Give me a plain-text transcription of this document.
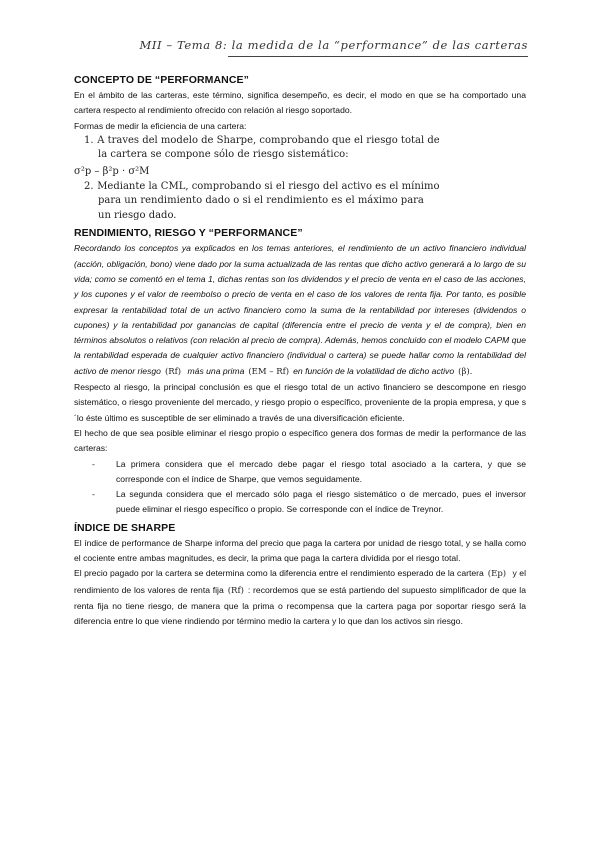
MII – Tema 8: la medida de la “performance” de las carteras
CONCEPTO DE “PERFORMANCE”

En el ámbito de las carteras, este término, significa desempeño, es decir, el modo en que se ha comportado una cartera respecto al rendimiento ofrecido con relación al riesgo soportado.

Formas de medir la eficiencia de una cartera:

1. A traves del modelo de Sharpe, comprobando que el riesgo total de
la cartera se compone sólo de riesgo sistemático:
σ²p – β²p · σ²M
2. Mediante la CML, comprobando si el riesgo del activo es el mínimo
para un rendimiento dado o si el rendimiento es el máximo para
un riesgo dado.
RENDIMIENTO, RIESGO Y “PERFORMANCE”

Recordando los conceptos ya explicados en los temas anteriores, el rendimiento de un activo financiero individual (acción, obligación, bono) viene dado por la suma actualizada de las rentas que dicho activo generará a lo largo de su vida; como se comentó en el tema 1, dichas rentas son los dividendos y el precio de venta en el caso de las acciones, y los cupones y el valor de reembolso o precio de venta en el caso de los valores de renta fija. Por tanto, es posible expresar la rentabilidad total de un activo financiero como la suma de la rentabilidad por intereses (dividendos o cupones) y la rentabilidad por ganancias de capital (diferencia entre el precio de venta y el de compra), bien en términos absolutos o relativos (con relación al precio de compra). Además, hemos concluido con el modelo CAPM que la rentabilidad esperada de cualquier activo financiero (individual o cartera) se puede hallar como la rentabilidad del activo de menor riesgo (Rf) más una prima (EM – Rf) en función de la volatilidad de dicho activo (β).

Respecto al riesgo, la principal conclusión es que el riesgo total de un activo financiero se descompone en riesgo sistemático, o riesgo proveniente del mercado, y riesgo propio o específico, proveniente de la propia empresa, y que s´lo éste último es susceptible de ser eliminado a través de una diversificación eficiente.

El hecho de que sea posible eliminar el riesgo propio o específico genera dos formas de medir la performance de las carteras:

- La primera considera que el mercado debe pagar el riesgo total asociado a la cartera, y que se corresponde con el índice de Sharpe, que vemos seguidamente.
- La segunda considera que el mercado sólo paga el riesgo sistemático o de mercado, pues el inversor puede eliminar el riesgo específico o propio. Se corresponde con el índice de Treynor.
ÍNDICE DE SHARPE

El índice de performance de Sharpe informa del precio que paga la cartera por unidad de riesgo total, y se halla como el cociente entre ambas magnitudes, es decir, la prima que paga la cartera dividida por el riesgo total.

El precio pagado por la cartera se determina como la diferencia entre el rendimiento esperado de la cartera (Ep) y el rendimiento de los valores de renta fija (Rf) : recordemos que se está partiendo del supuesto simplificador de que la renta fija no tiene riesgo, de manera que la prima o recompensa que la cartera paga por soportar riesgo será la diferencia entre lo que viene rindiendo por término medio la cartera y lo que dan los activos sin riesgo.
